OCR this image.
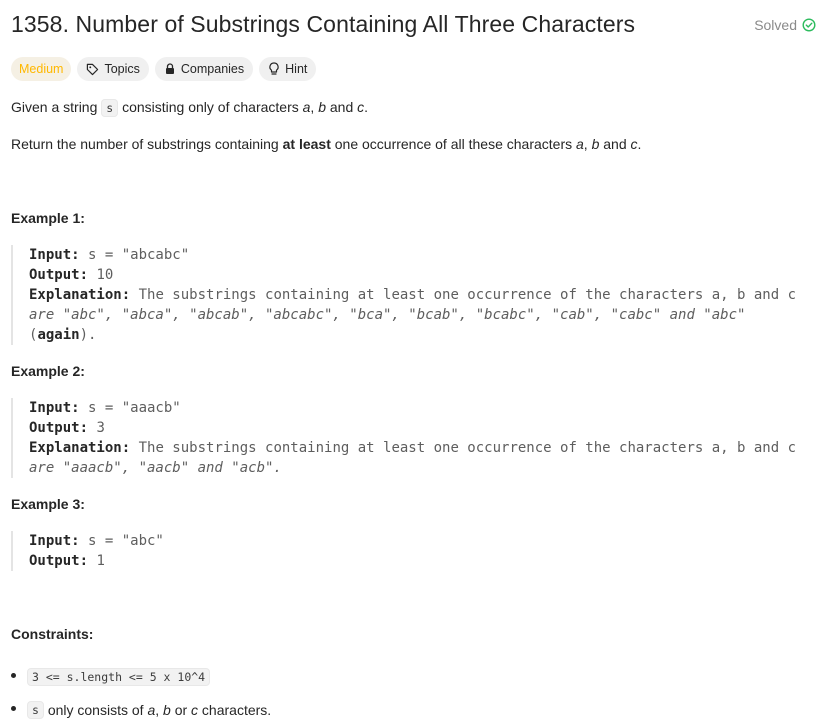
1358. Number of Substrings Containing All Three Characters	Solved
Medium	Topics	Companies	Hint
Given a string s consisting only of characters a, b and c.
Return the number of substrings containing at least one occurrence of all these characters a, b and c.
Example 1:
Input: s = "abcabc"
Output: 10
Explanation: The substrings containing at least one occurrence of the characters a, b and c
are "abc", "abca", "abcab", "abcabc", "bca", "bcab", "bcabc", "cab", "cabc" and "abc"
(again).
Example 2:
Input: s = "aaacb"
Output: 3
Explanation: The substrings containing at least one occurrence of the characters a, b and c
are "aaacb", "aacb" and "acb".
Example 3:
Input: s = "abc"
Output: 1
Constraints:
3 <= s.length <= 5 x 10^4
s only consists of a , b or c characters.
